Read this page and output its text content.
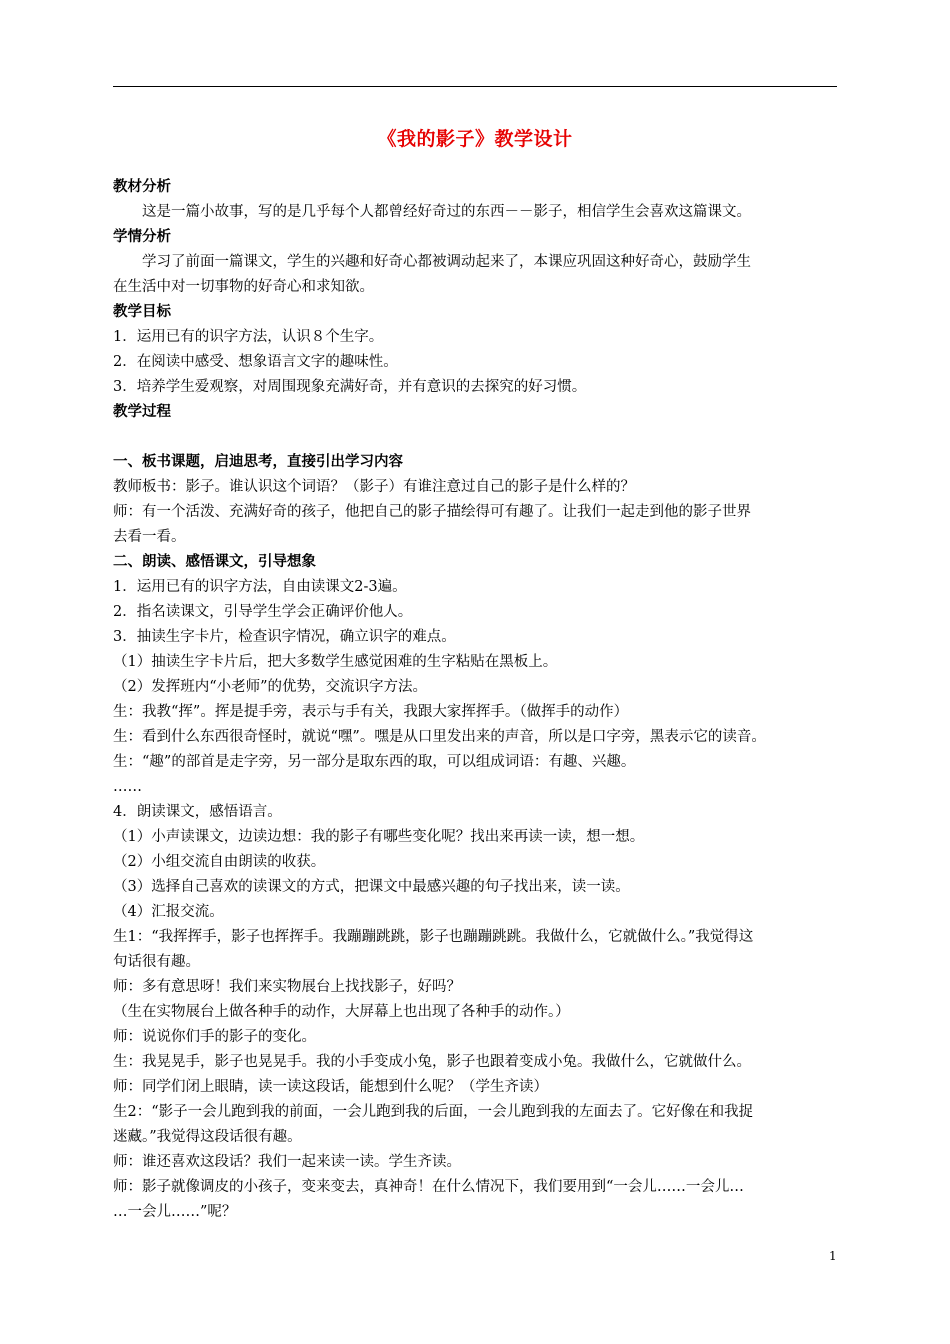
《我的影子》教学设计
教材分析
这是一篇小故事，写的是几乎每个人都曾经好奇过的东西－－影子，相信学生会喜欢这篇课文。
学情分析
学习了前面一篇课文，学生的兴趣和好奇心都被调动起来了，本课应巩固这种好奇心，鼓励学生
在生活中对一切事物的好奇心和求知欲。
教学目标
1．运用已有的识字方法，认识８个生字。
2．在阅读中感受、想象语言文字的趣味性。
3．培养学生爱观察，对周围现象充满好奇，并有意识的去探究的好习惯。
教学过程
一、板书课题，启迪思考，直接引出学习内容
教师板书：影子。谁认识这个词语？（影子）有谁注意过自己的影子是什么样的？
师：有一个活泼、充满好奇的孩子，他把自己的影子描绘得可有趣了。让我们一起走到他的影子世界
去看一看。
二、朗读、感悟课文，引导想象
1．运用已有的识字方法，自由读课文2-3遍。
2．指名读课文，引导学生学会正确评价他人。
3．抽读生字卡片，检查识字情况，确立识字的难点。
（1）抽读生字卡片后，把大多数学生感觉困难的生字粘贴在黑板上。
（2）发挥班内“小老师”的优势，交流识字方法。
生：我教“挥”。挥是提手旁，表示与手有关，我跟大家挥挥手。（做挥手的动作）
生：看到什么东西很奇怪时，就说“嘿”。嘿是从口里发出来的声音，所以是口字旁，黑表示它的读音。
生：“趣”的部首是走字旁，另一部分是取东西的取，可以组成词语：有趣、兴趣。
……
4．朗读课文，感悟语言。
（1）小声读课文，边读边想：我的影子有哪些变化呢？找出来再读一读，想一想。
（2）小组交流自由朗读的收获。
（3）选择自己喜欢的读课文的方式，把课文中最感兴趣的句子找出来，读一读。
（4）汇报交流。
生1：“我挥挥手，影子也挥挥手。我蹦蹦跳跳，影子也蹦蹦跳跳。我做什么，它就做什么。”我觉得这
句话很有趣。
师：多有意思呀！我们来实物展台上找找影子，好吗？
（生在实物展台上做各种手的动作，大屏幕上也出现了各种手的动作。）
师：说说你们手的影子的变化。
生：我晃晃手，影子也晃晃手。我的小手变成小兔，影子也跟着变成小兔。我做什么，它就做什么。
师：同学们闭上眼睛，读一读这段话，能想到什么呢？（学生齐读）
生2：“影子一会儿跑到我的前面，一会儿跑到我的后面，一会儿跑到我的左面去了。它好像在和我捉
迷藏。”我觉得这段话很有趣。
师：谁还喜欢这段话？我们一起来读一读。学生齐读。
师：影子就像调皮的小孩子，变来变去，真神奇！在什么情况下，我们要用到“一会儿……一会儿…
…一会儿……”呢？
1
